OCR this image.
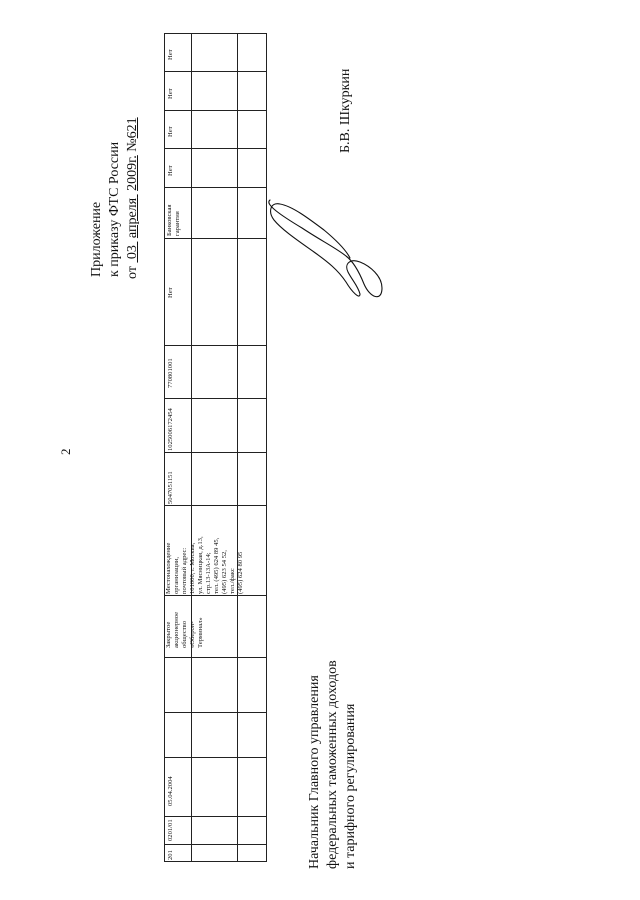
2
Приложение к приказу ФТС России от  03  апреля  2009г. №621
201
0201/01
05.04.2004
Закрытое акционерное общество «Оберон- Терминал»
Местонахождение организации, почтовый адрес: 101000, г. Москва, ул. Мясницкая, д.13, стр.13-13А-14; тел. (495) 624 89 45, (495) 623 54 52, тел./факс (495) 624 80 95
5047051151
1025006172454
770801001
Нет
Банковская гарантия
Нет
Нет
Нет
Нет
Начальник Главного управления федеральных таможенных доходов и тарифного регулирования
Б.В. Шкуркин
